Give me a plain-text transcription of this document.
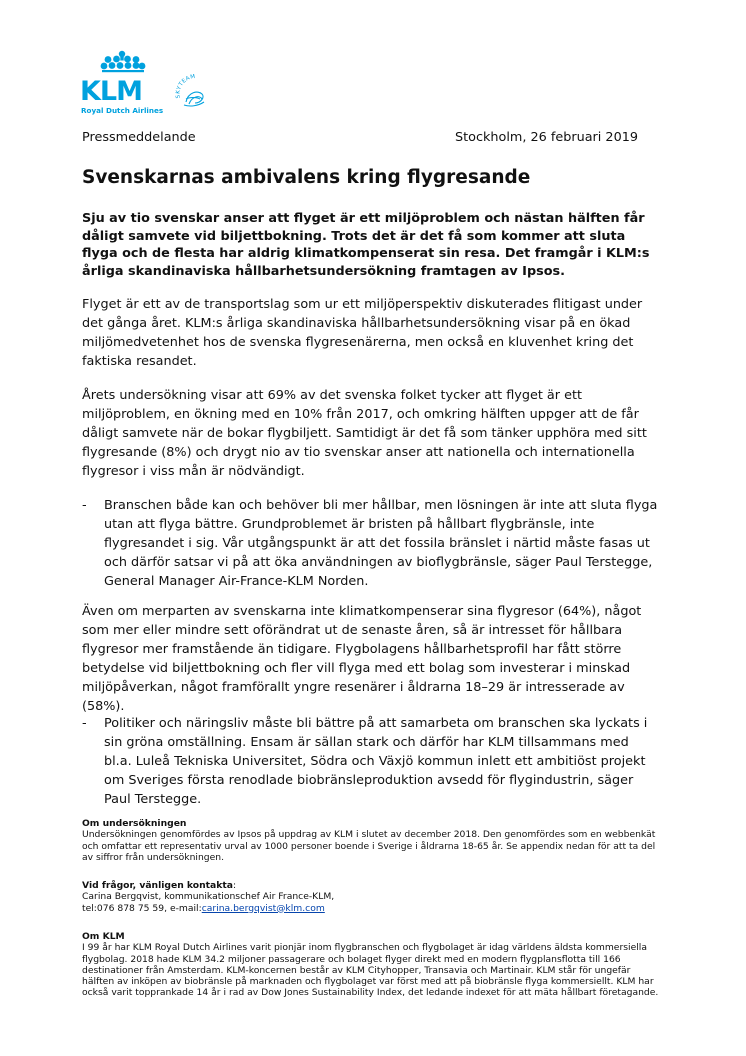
KLM
Royal Dutch Airlines
SKYTEAM
Pressmeddelande	Stockholm, 26 februari 2019
Svenskarnas ambivalens kring flygresande
Sju av tio svenskar anser att flyget är ett miljöproblem och nästan hälften får dåligt samvete vid biljettbokning. Trots det är det få som kommer att sluta flyga och de flesta har aldrig klimatkompenserat sin resa. Det framgår i KLM:s årliga skandinaviska hållbarhetsundersökning framtagen av Ipsos.
Flyget är ett av de transportslag som ur ett miljöperspektiv diskuterades flitigast under det gånga året. KLM:s årliga skandinaviska hållbarhetsundersökning visar på en ökad miljömedvetenhet hos de svenska flygresenärerna, men också en kluvenhet kring det faktiska resandet.
Årets undersökning visar att 69% av det svenska folket tycker att flyget är ett miljöproblem, en ökning med en 10% från 2017, och omkring hälften uppger att de får dåligt samvete när de bokar flygbiljett. Samtidigt är det få som tänker upphöra med sitt flygresande (8%) och drygt nio av tio svenskar anser att nationella och internationella flygresor i viss mån är nödvändigt.
-	Branschen både kan och behöver bli mer hållbar, men lösningen är inte att sluta flyga utan att flyga bättre. Grundproblemet är bristen på hållbart flygbränsle, inte flygresandet i sig. Vår utgångspunkt är att det fossila bränslet i närtid måste fasas ut och därför satsar vi på att öka användningen av bioflygbränsle, säger Paul Terstegge, General Manager Air-France-KLM Norden.
Även om merparten av svenskarna inte klimatkompenserar sina flygresor (64%), något som mer eller mindre sett oförändrat ut de senaste åren, så är intresset för hållbara flygresor mer framstående än tidigare. Flygbolagens hållbarhetsprofil har fått större betydelse vid biljettbokning och fler vill flyga med ett bolag som investerar i minskad miljöpåverkan, något framförallt yngre resenärer i åldrarna 18–29 är intresserade av (58%).
-	Politiker och näringsliv måste bli bättre på att samarbeta om branschen ska lyckats i sin gröna omställning. Ensam är sällan stark och därför har KLM tillsammans med bl.a. Luleå Tekniska Universitet, Södra och Växjö kommun inlett ett ambitiöst projekt om Sveriges första renodlade biobränsleproduktion avsedd för flygindustrin, säger Paul Terstegge.
Om undersökningen
Undersökningen genomfördes av Ipsos på uppdrag av KLM i slutet av december 2018. Den genomfördes som en webbenkät och omfattar ett representativ urval av 1000 personer boende i Sverige i åldrarna 18-65 år. Se appendix nedan för att ta del av siffror från undersökningen.
Vid frågor, vänligen kontakta:
Carina Bergqvist, kommunikationschef Air France-KLM,
tel:076 878 75 59, e-mail:carina.bergqvist@klm.com
Om KLM
I 99 år har KLM Royal Dutch Airlines varit pionjär inom flygbranschen och flygbolaget är idag världens äldsta kommersiella flygbolag. 2018 hade KLM 34.2 miljoner passagerare och bolaget flyger direkt med en modern flygplansflotta till 166 destinationer från Amsterdam. KLM-koncernen består av KLM Cityhopper, Transavia och Martinair. KLM står för ungefär hälften av inköpen av biobränsle på marknaden och flygbolaget var först med att på biobränsle flyga kommersiellt. KLM har också varit topprankade 14 år i rad av Dow Jones Sustainability Index, det ledande indexet för att mäta hållbart företagande.
